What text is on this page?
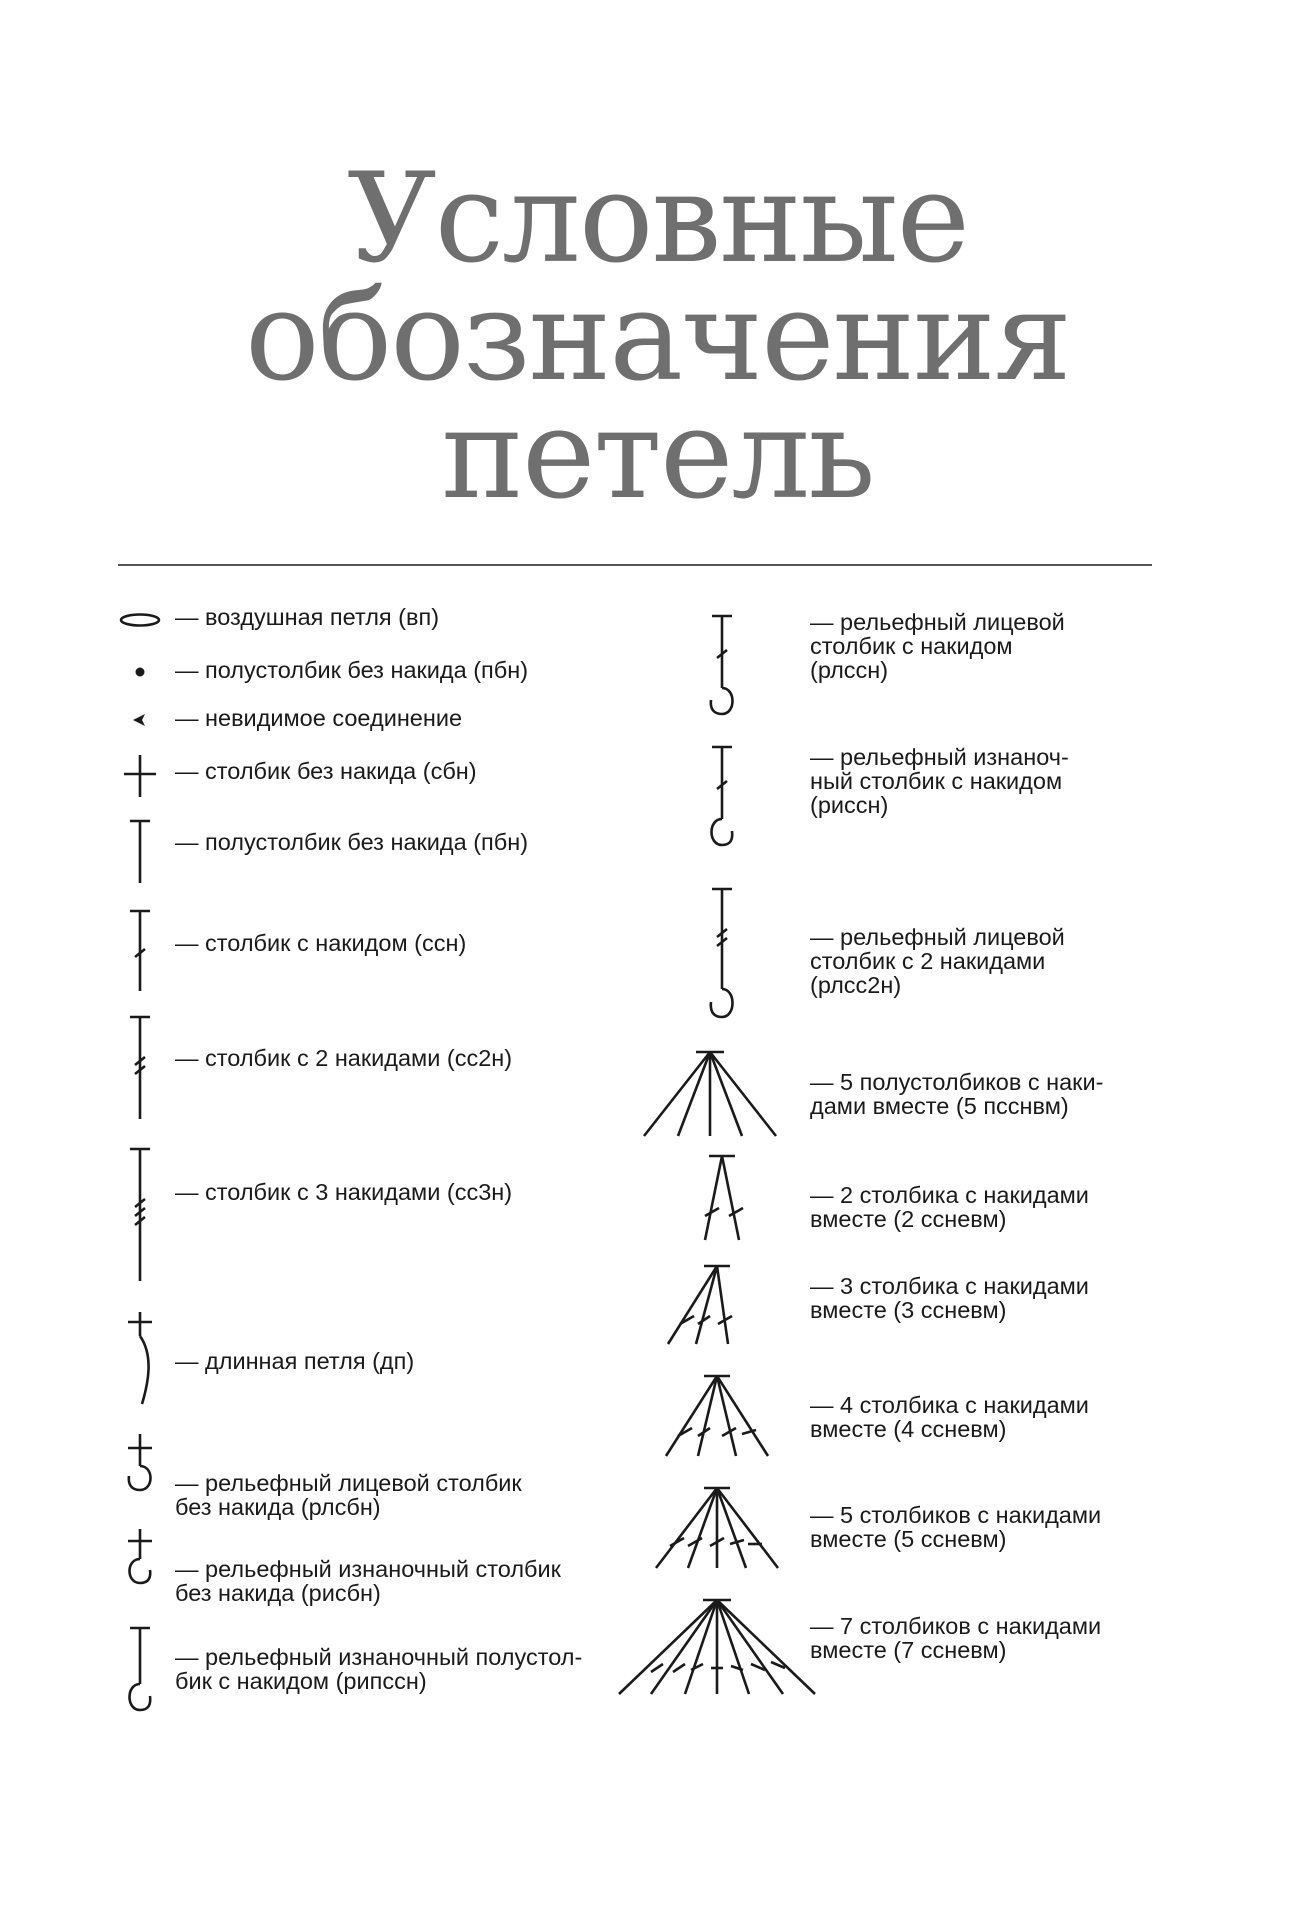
Условные
обозначения
петель
— воздушная петля (вп)
— полустолбик без накида (пбн)
— невидимое соединение
— столбик без накида (сбн)
— полустолбик без накида (пбн)
— столбик с накидом (ссн)
— столбик с 2 накидами (сс2н)
— столбик с 3 накидами (сс3н)
— длинная петля (дп)
— рельефный лицевой столбик
без накида (рлсбн)
— рельефный изнаночный столбик
без накида (рисбн)
— рельефный изнаночный полустол-
бик с накидом (рипссн)
— рельефный лицевой
столбик с накидом
(рлссн)
— рельефный изнаноч-
ный столбик с накидом
(риссн)
— рельефный лицевой
столбик с 2 накидами
(рлсс2н)
— 5 полустолбиков с наки-
дами вместе (5 псснвм)
— 2 столбика с накидами
вместе (2 ссневм)
— 3 столбика с накидами
вместе (3 ссневм)
— 4 столбика с накидами
вместе (4 ссневм)
— 5 столбиков с накидами
вместе (5 ссневм)
— 7 столбиков с накидами
вместе (7 ссневм)
